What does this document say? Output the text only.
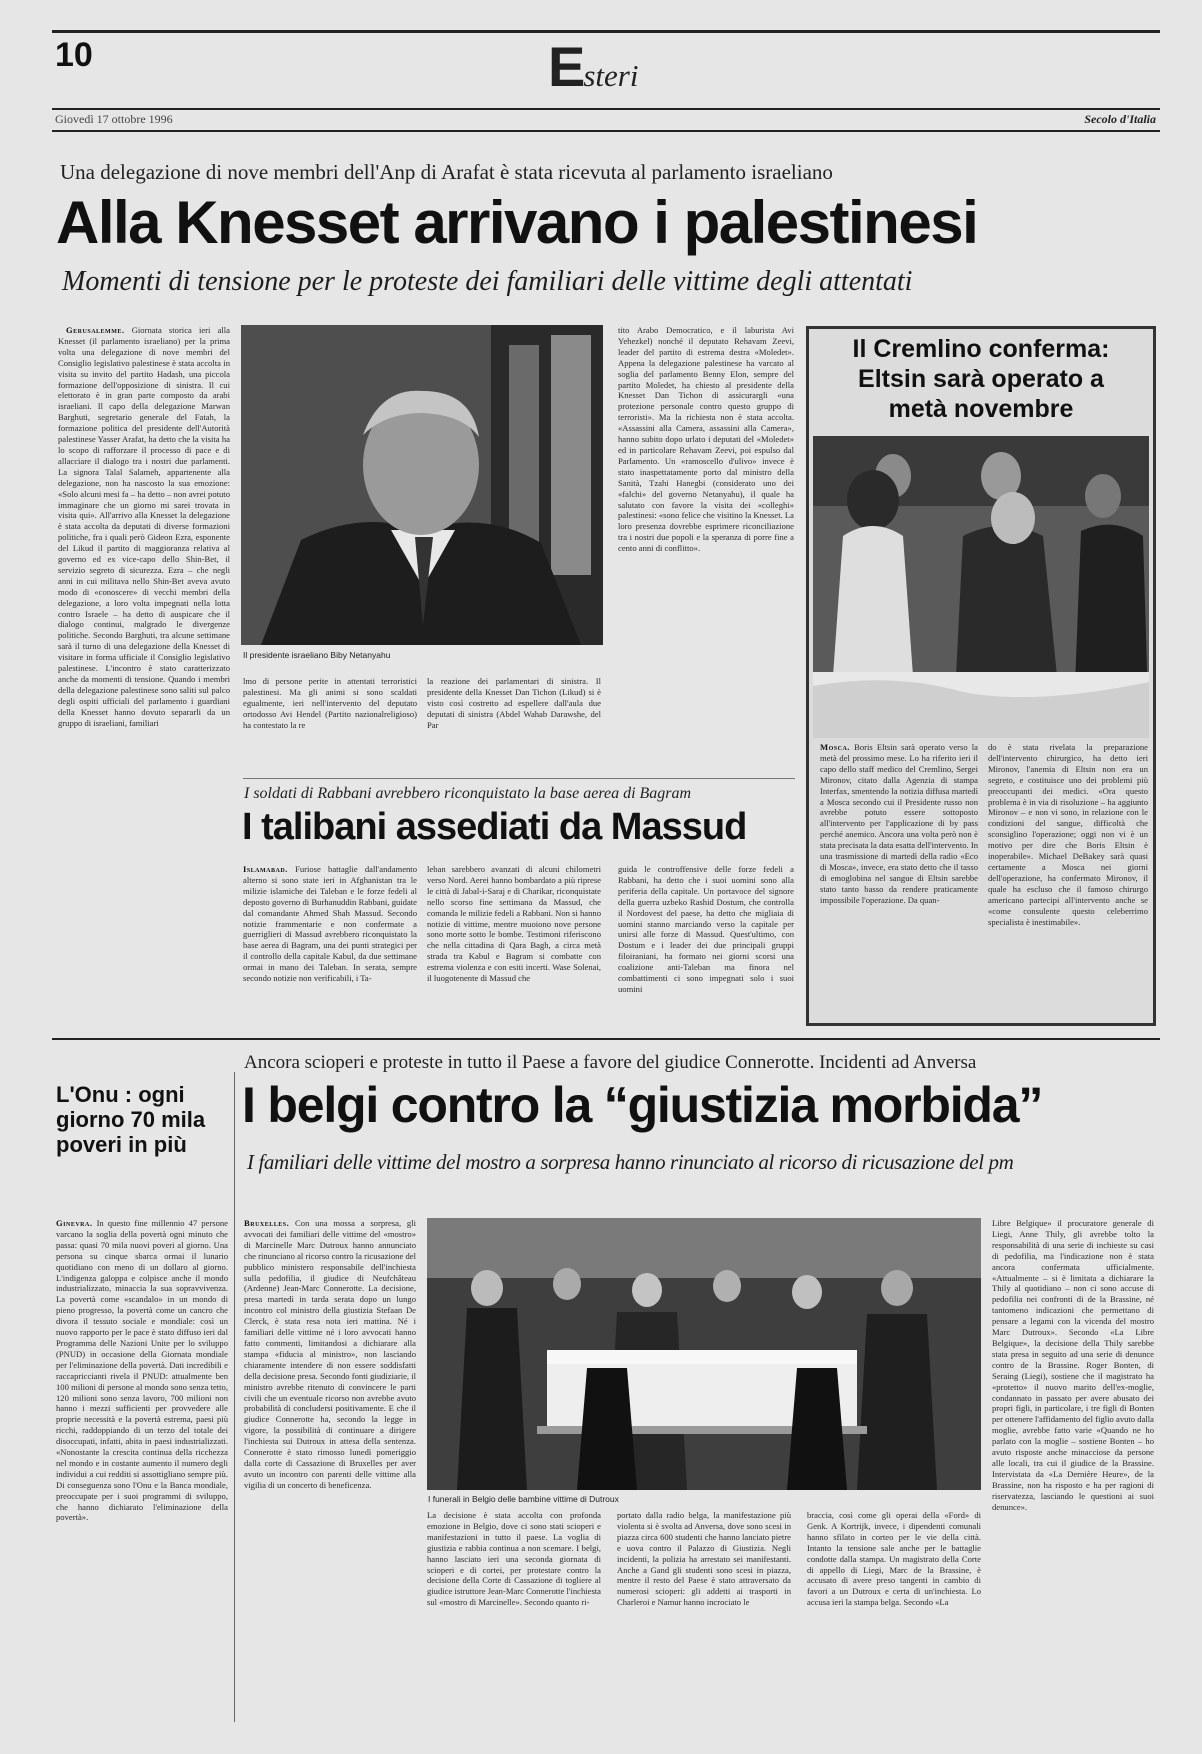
10	Esteri
Giovedì 17 ottobre 1996	Secolo d'Italia
Una delegazione di nove membri dell'Anp di Arafat è stata ricevuta al parlamento israeliano
Alla Knesset arrivano i palestinesi
Momenti di tensione per le proteste dei familiari delle vittime degli attentati

Gerusalemme. Giornata storica ieri alla Knesset (il parlamento israeliano) per la prima volta una delegazione di nove membri del Consiglio legislativo palestinese è stata accolta in visita su invito del partito Hadash, una piccola formazione dell'opposizione di sinistra. Il cui elettorato è in gran parte composto da arabi israeliani. Il capo della delegazione Marwan Barghuti, segretario generale del Fatah, la formazione politica del presidente dell'Autorità palestinese Yasser Arafat, ha detto che la visita ha lo scopo di rafforzare il processo di pace e di allacciare il dialogo tra i nostri due parlamenti. La signora Talal Salameh, appartenente alla delegazione, non ha nascosto la sua emozione: «Solo alcuni mesi fa – ha detto – non avrei potuto immaginare che un giorno mi sarei trovata in visita qui». All'arrivo alla Knesset la delegazione è stata accolta da deputati di diverse formazioni politiche, fra i quali però Gideon Ezra, esponente del Likud il partito di maggioranza relativa al governo ed ex vice-capo dello Shin-Bet, il servizio segreto di sicurezza. Ezra – che negli anni in cui militava nello Shin-Bet aveva avuto modo di «conoscere» di vecchi membri della delegazione, a loro volta impegnati nella lotta contro Israele – ha detto di auspicare che il dialogo continui, malgrado le divergenze politiche. Secondo Barghuti, tra alcune settimane sarà il turno di una delegazione della Knesset di visitare in forma ufficiale il Consiglio legislativo palestinese. L'incontro è stato caratterizzato anche da momenti di tensione. Quando i membri della delegazione palestinese sono saliti sul palco degli ospiti ufficiali del parlamento i guardiani della Knesset hanno dovuto separarli da un gruppo di israeliani, familiari

Il presidente israeliano Biby Netanyahu

lmo di persone perite in attentati terroristici palestinesi. Ma gli animi si sono scaldati egualmente, ieri nell'intervento del deputato ortodosso Avi Hendel (Partito nazionalreligioso) ha contestato la re

la reazione dei parlamentari di sinistra. Il presidente della Knesset Dan Tichon (Likud) si è visto così costretto ad espellere dall'aula due deputati di sinistra (Abdel Wahab Darawshe, del Par

tito Arabo Democratico, e il laburista Avi Yehezkel) nonché il deputato Rehavam Zeevi, leader del partito di estrema destra «Moledet». Appena la delegazione palestinese ha varcato al soglia del parlamento Benny Elon, sempre del partito Moledet, ha chiesto al presidente della Knesset Dan Tichon di assicurargli «una protezione personale contro questo gruppo di terroristi». Ma la richiesta non è stata accolta. «Assassini alla Camera, assassini alla Camera», hanno subito dopo urlato i deputati del «Moledet» ed in particolare Rehavam Zeevi, poi espulso dal Parlamento. Un «ramoscello d'ulivo» invece è stato inaspettatamente porto dal ministro della Sanità, Tzahi Hanegbi (considerato uno dei «falchi» del governo Netanyahu), il quale ha salutato con favore la visita dei «colleghi» palestinesi: «sono felice che visitino la Knesset. La loro presenza dovrebbe esprimere riconciliazione tra i nostri due popoli e la speranza di porre fine a cento anni di conflitto».

I soldati di Rabbani avrebbero riconquistato la base aerea di Bagram
I talibani assediati da Massud

Islamabad. Furiose battaglie dall'andamento alterno si sono state ieri in Afghanistan tra le milizie islamiche dei Taleban e le forze fedeli al deposto governo di Burhanuddin Rabbani, guidate dal comandante Ahmed Shah Massud. Secondo notizie frammentarie e non confermate a guerriglieri di Massud avrebbero riconquistato la base aerea di Bagram, una dei punti strategici per il controllo della capitale Kabul, da due settimane ormai in mano dei Taleban. In serata, sempre secondo notizie non verificabili, i Ta-

leban sarebbero avanzati di alcuni chilometri verso Nord. Aerei hanno bombardato a più riprese le città di Jabal-i-Saraj e di Charikar, riconquistate nello scorso fine settimana da Massud, che comanda le milizie fedeli a Rabbani. Non si hanno notizie di vittime, mentre muoiono nove persone sono morte sotto le bombe. Testimoni riferiscono che nella cittadina di Qara Bagh, a circa metà strada tra Kabul e Bagram si combatte con estrema violenza e con esiti incerti. Wase Solenai, il luogotenente di Massud che

guida le controffensive delle forze fedeli a Rabbani, ha detto che i suoi uomini sono alla periferia della capitale. Un portavoce del signore della guerra uzbeko Rashid Dostum, che controlla il Nordovest del paese, ha detto che migliaia di uomini stanno marciando verso la capitale per unirsi alle forze di Massud. Quest'ultimo, con Dostum e i leader dei due principali gruppi filoiraniani, ha formato nei giorni scorsi una coalizione anti-Taleban ma finora nel combattimenti ci sono impegnati solo i suoi uomini

Il Cremlino conferma: Eltsin sarà operato a metà novembre

Mosca. Boris Eltsin sarà operato verso la metà del prossimo mese. Lo ha riferito ieri il capo dello staff medico del Cremlino, Sergei Mironov, citato dalla Agenzia di stampa Interfax, smentendo la notizia diffusa martedì a Mosca secondo cui il Presidente russo non avrebbe potuto essere sottoposto all'intervento per l'applicazione di by pass perché anemico. Ancora una volta però non è stata precisata la data esatta dell'intervento. In una trasmissione di martedì della radio «Eco di Mosca», invece, era stato detto che il tasso di emoglobina nel sangue di Eltsin sarebbe stato tanto basso da rendere praticamente impossibile l'operazione. Da quan-

do è stata rivelata la preparazione dell'intervento chirurgico, ha detto ieri Mironov, l'anemia di Eltsin non era un segreto, e costituisce uno dei problemi più preoccupanti dei medici. «Ora questo problema è in via di risoluzione – ha aggiunto Mironov – e non vi sono, in relazione con le condizioni del sangue, difficoltà che sconsiglino l'operazione; oggi non vi è un motivo per dire che Boris Eltsin è inoperabile». Michael DeBakey sarà quasi certamente a Mosca nei giorni dell'operazione, ha confermato Mironov, il quale ha escluso che il famoso chirurgo americano partecipi all'intervento anche se «come consulente questo celeberrimo specialista è inestimabile».

L'Onu : ogni giorno 70 mila poveri in più

Ginevra. In questo fine millennio 47 persone varcano la soglia della povertà ogni minuto che passa: quasi 70 mila nuovi poveri al giorno. Una persona su cinque sbarca ormai il lunario quotidiano con meno di un dollaro al giorno. L'indigenza galoppa e colpisce anche il mondo industrializzato, minaccia la sua sopravvivenza. La povertà come «scandalo» in un mondo di pieno progresso, la povertà come un cancro che divora il tessuto sociale e mondiale: così un nuovo rapporto per le pace è stato diffuso ieri dal Programma delle Nazioni Unite per lo sviluppo (PNUD) in occasione della Giornata mondiale per l'eliminazione della povertà. Dati incredibili e raccapriccianti rivela il PNUD: attualmente ben 100 milioni di persone al mondo sono senza tetto, 120 milioni sono senza lavoro, 700 milioni non hanno i mezzi sufficienti per provvedere alle proprie necessità e la povertà estrema, paesi più ricchi, raddoppiando di un terzo del totale dei disoccupati, infatti, abita in paesi industrializzati. «Nonostante la crescita continua della ricchezza nel mondo e in costante aumento il numero degli individui a cui redditi si assottigliano sempre più. Di conseguenza sono l'Onu e la Banca mondiale, preoccupate per i suoi programmi di sviluppo, che hanno dichiarato l'eliminazione della povertà».

Ancora scioperi e proteste in tutto il Paese a favore del giudice Connerotte. Incidenti ad Anversa
I belgi contro la “giustizia morbida”
I familiari delle vittime del mostro a sorpresa hanno rinunciato al ricorso di ricusazione del pm

Bruxelles. Con una mossa a sorpresa, gli avvocati dei familiari delle vittime del «mostro» di Marcinelle Marc Dutroux hanno annunciato che rinunciano al ricorso contro la ricusazione del pubblico ministero responsabile dell'inchiesta sulla pedofilia, il giudice di Neufchâteau (Ardenne) Jean-Marc Connerotte. La decisione, presa martedì in tarda serata dopo un lungo incontro col ministro della giustizia Stefaan De Clerck, è stata resa nota ieri mattina. Né i familiari delle vittime né i loro avvocati hanno fatto commenti, limitandosi a dichiarare alla stampa «fiducia al ministro», non lasciando chiaramente intendere di non essere soddisfatti della decisione presa. Secondo fonti giudiziarie, il ministro avrebbe ritenuto di convincere le parti civili che un eventuale ricorso non avrebbe avuto probabilità di concludersi positivamente. E che il giudice Connerotte ha, secondo la legge in vigore, la possibilità di continuare a dirigere l'inchiesta sui Dutroux in attesa della sentenza. Connerotte è stato rimosso lunedì pomeriggio dalla corte di Cassazione di Bruxelles per aver avuto un incontro con parenti delle vittime alla vigilia di un concerto di beneficenza.

I funerali in Belgio delle bambine vittime di Dutroux

La decisione è stata accolta con profonda emozione in Belgio, dove ci sono stati scioperi e manifestazioni in tutto il paese. La voglia di giustizia e rabbia continua a non scemare. I belgi, hanno lasciato ieri una seconda giornata di scioperi e di cortei, per protestare contro la decisione della Corte di Cassazione di togliere al giudice istruttore Jean-Marc Connerotte l'inchiesta sul «mostro di Marcinelle». Secondo quanto ri-

portato dalla radio belga, la manifestazione più violenta si è svolta ad Anversa, dove sono scesi in piazza circa 600 studenti che hanno lanciato pietre e uova contro il Palazzo di Giustizia. Negli incidenti, la polizia ha arrestato sei manifestanti. Anche a Gand gli studenti sono scesi in piazza, mentre il resto del Paese è stato attraversato da numerosi scioperi: gli addetti ai trasporti in Charleroi e Namur hanno incrociato le

braccia, così come gli operai della «Ford» di Genk. A Kortrijk, invece, i dipendenti comunali hanno sfilato in corteo per le vie della città. Intanto la tensione sale anche per le battaglie condotte dalla stampa. Un magistrato della Corte di appello di Liegi, Marc de la Brassine, è accusato di avere preso tangenti in cambio di favori a un Dutroux e certa di un'inchiesta. Lo accusa ieri la stampa belga. Secondo «La

Libre Belgique» il procuratore generale di Liegi, Anne Thily, gli avrebbe tolto la responsabilità di una serie di inchieste su casi di pedofilia, ma l'indicazione non è stata ancora confermata ufficialmente. «Attualmente – si è limitata a dichiarare la Thily al quotidiano – non ci sono accuse di pedofilia nei confronti di de la Brassine, né tantomeno indicazioni che permettano di pensare a legami con la vicenda del mostro Marc Dutroux». Secondo «La Libre Belgique», la decisione della Thily sarebbe stata presa in seguito ad una serie di denunce contro de la Brassine. Roger Bonten, di Seraing (Liegi), sostiene che il magistrato ha «protetto» il nuovo marito dell'ex-moglie, condannato in passato per avere abusato dei propri figli, in particolare, i tre figli di Bonten per ottenere l'affidamento del figlio avuto dalla moglie, avrebbe fatto varie «Quando ne ho parlato con la moglie – sostiene Bonten – ho avuto risposte anche minacciose da persone alle locali, tra cui il giudice de la Brassine. Intervistata da «La Dernière Heure», de la Brassine, non ha risposto e ha per ragioni di riservatezza, lasciando le questioni ai suoi denunce».
